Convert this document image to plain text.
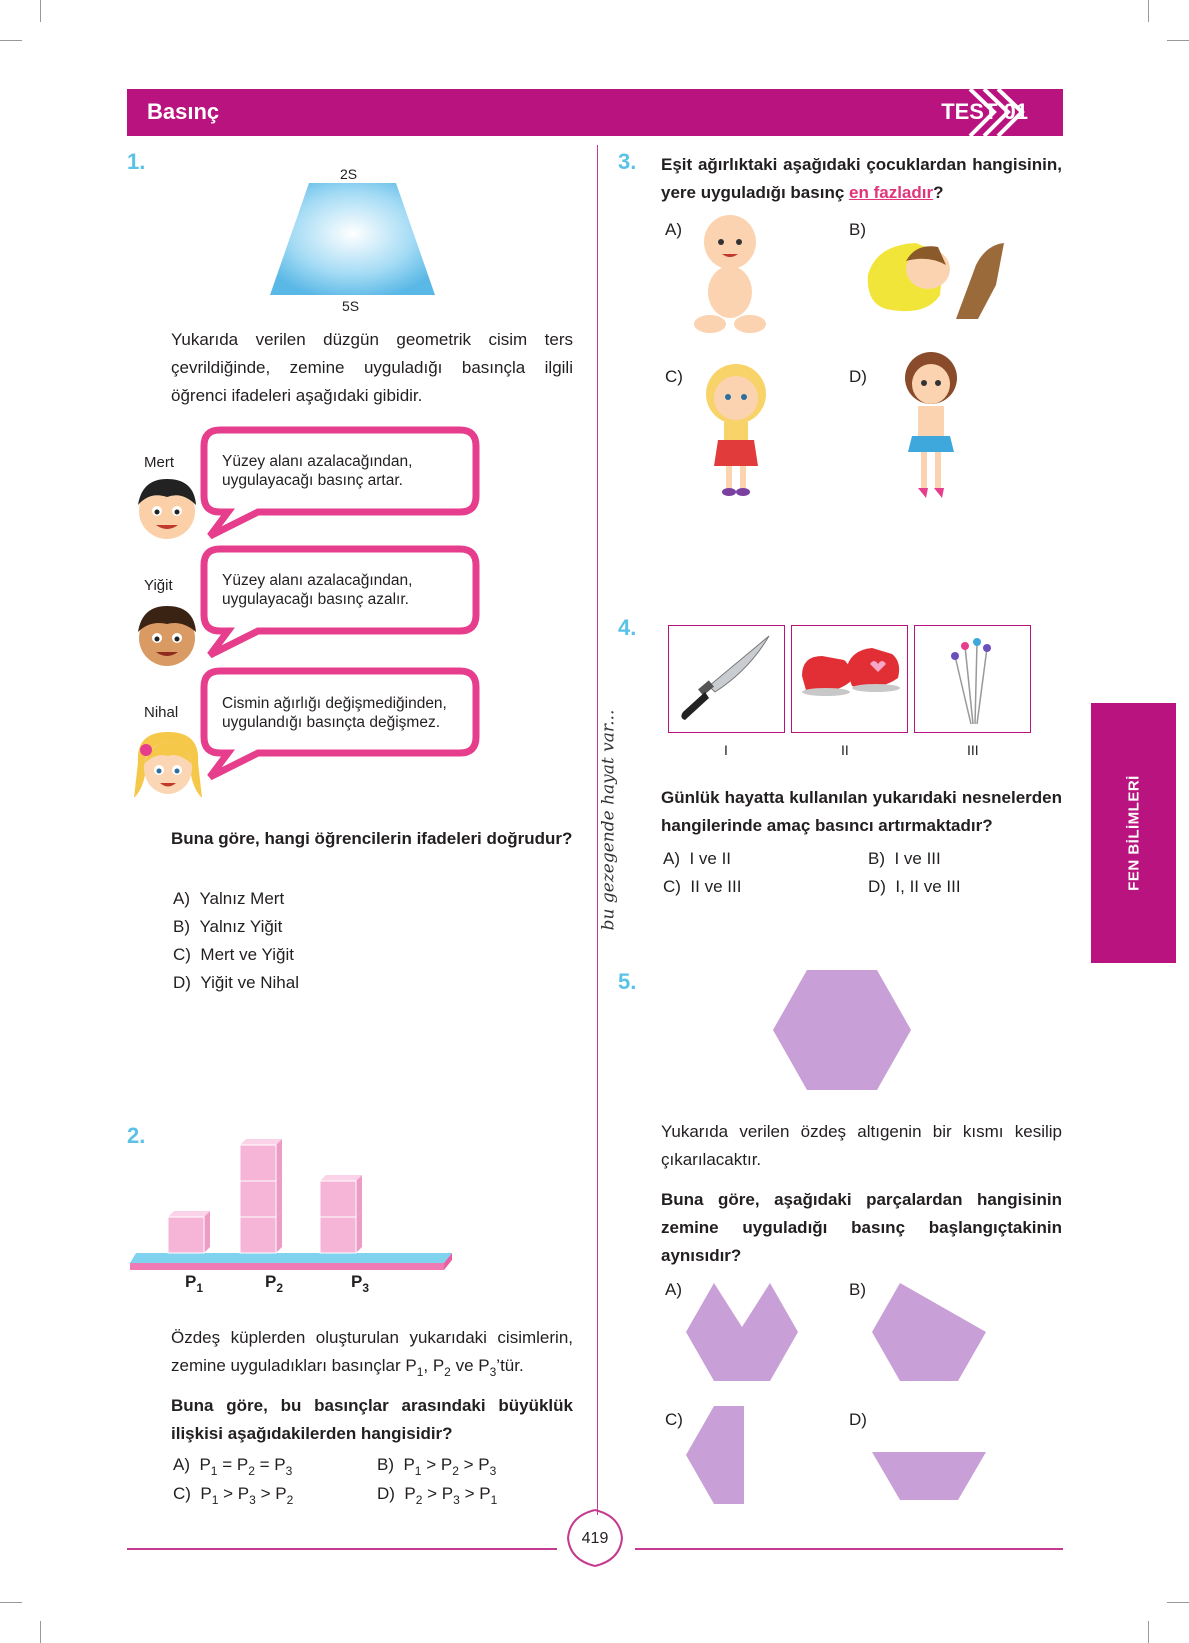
Basınç	TEST 01
FEN BİLİMLERİ
bu gezegende hayat var...
1.	2S
5S
Yukarıda verilen düzgün geometrik cisim ters çevrildiğinde, zemine uyguladığı basınçla ilgili öğrenci ifadeleri aşağıdaki gibidir.
Mert	Yüzey alanı azalacağından,
uygulayacağı basınç artar.
Yiğit	Yüzey alanı azalacağından,
uygulayacağı basınç azalır.
Nihal
Cismin ağırlığı değişmediğinden,
uygulandığı basınçta değişmez.
Buna göre, hangi öğrencilerin ifadeleri doğrudur?
A) Yalnız Mert
B) Yalnız Yiğit
C) Mert ve Yiğit
D) Yiğit ve Nihal
2.
$P_1$	$P_2$	$P_3$
Özdeş küplerden oluşturulan yukarıdaki cisimlerin, zemine uyguladıkları basınçlar $P_1$, $P_2$ ve $P_3’tür$.
Buna göre, bu basınçlar arasındaki büyüklük ilişkisi aşağıdakilerden hangisidir?
A) $P_1 = P_2 = P_3$	B) $P_1 > P_2 > P_3$
C) $P_1 > P_3 > P_2$	D) $P_2 > P_3 > P_1$
3. Eşit ağırlıktaki aşağıdaki çocuklardan hangisinin, yere uyguladığı basınç en fazladır?
A)	B)
C)	D)
4.
I	II	III
Günlük hayatta kullanılan yukarıdaki nesnelerden hangilerinde amaç basıncı artırmaktadır?
A) I ve II	B) I ve III
C) II ve III	D) I, II ve III
5.
Yukarıda verilen özdeş altıgenin bir kısmı kesilip çıkarılacaktır.
Buna göre, aşağıdaki parçalardan hangisinin zemine uyguladığı basınç başlangıçtakinin aynısıdır?
A)	B)
C)	D)
419
